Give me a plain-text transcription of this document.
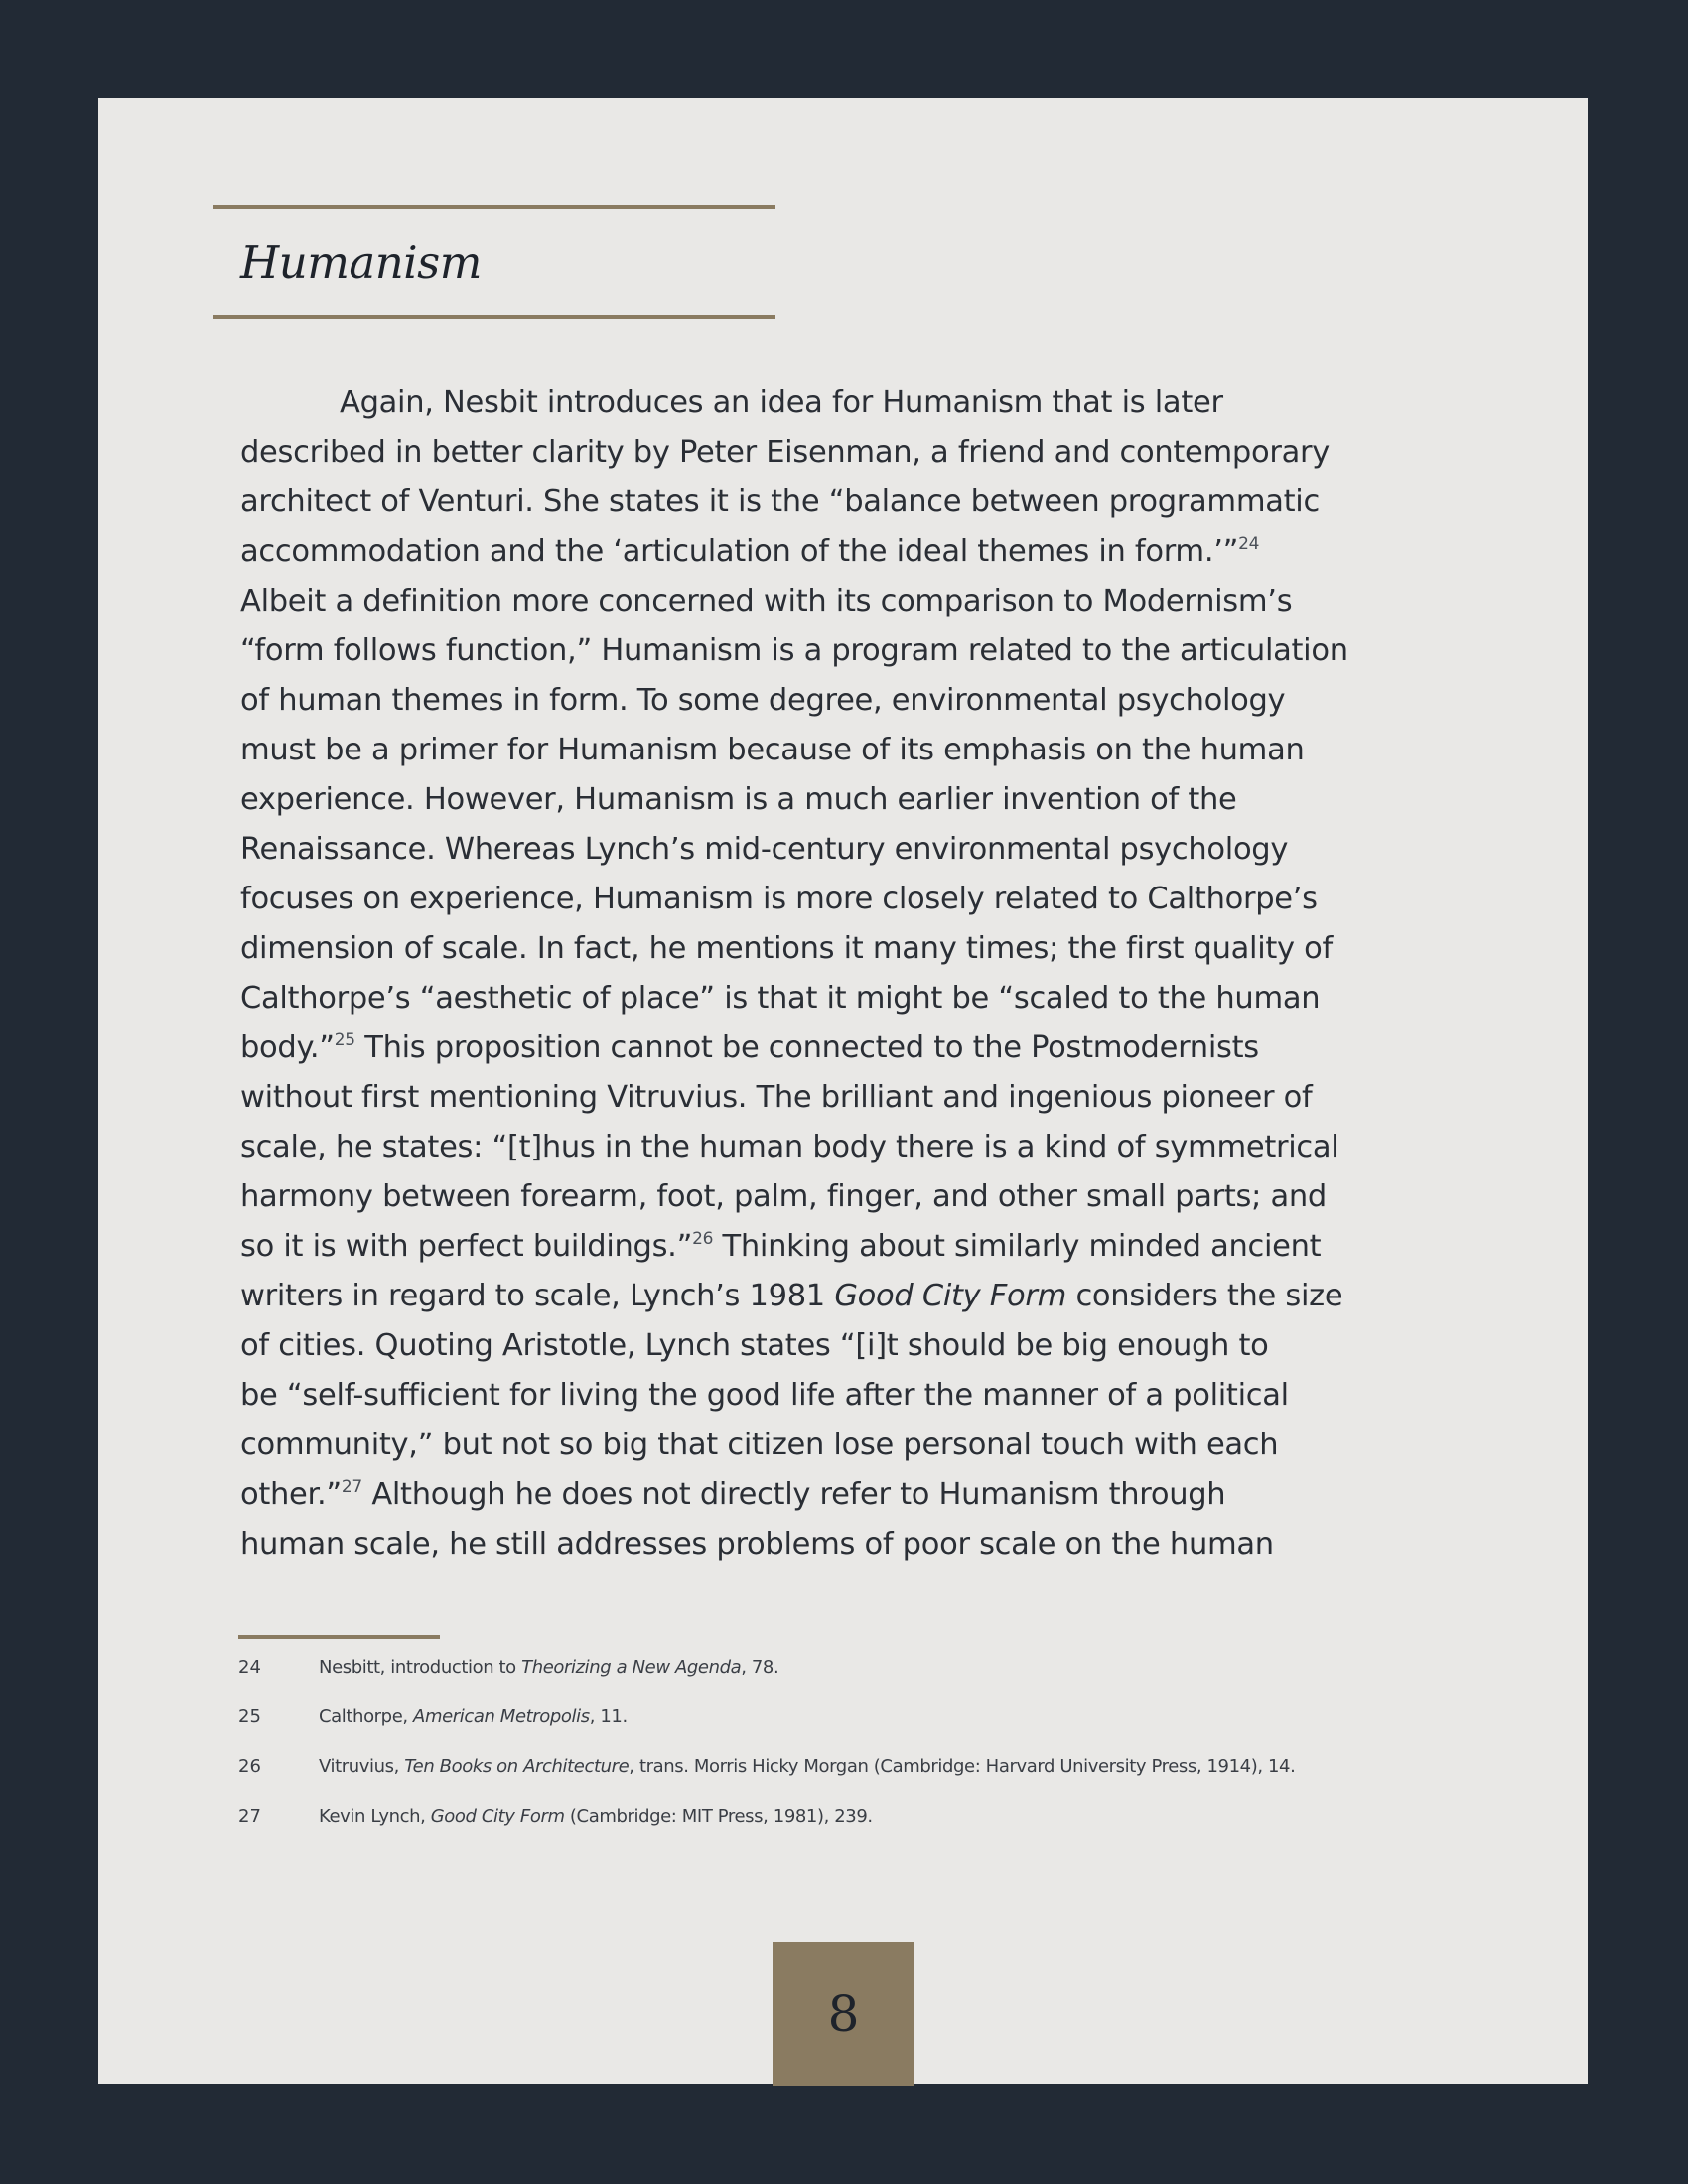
Humanism
Again, Nesbit introduces an idea for Humanism that is later
described in better clarity by Peter Eisenman, a friend and contemporary
architect of Venturi. She states it is the “balance between programmatic
accommodation and the ‘articulation of the ideal themes in form.’”$^{24}$
Albeit a definition more concerned with its comparison to Modernism’s
“form follows function,” Humanism is a program related to the articulation
of human themes in form. To some degree, environmental psychology
must be a primer for Humanism because of its emphasis on the human
experience. However, Humanism is a much earlier invention of the
Renaissance. Whereas Lynch’s mid-century environmental psychology
focuses on experience, Humanism is more closely related to Calthorpe’s
dimension of scale. In fact, he mentions it many times; the first quality of
Calthorpe’s “aesthetic of place” is that it might be “scaled to the human
body.”$^{25}$ This proposition cannot be connected to the Postmodernists
without first mentioning Vitruvius. The brilliant and ingenious pioneer of
scale, he states: “[t]hus in the human body there is a kind of symmetrical
harmony between forearm, foot, palm, finger, and other small parts; and
so it is with perfect buildings.”$^{26}$ Thinking about similarly minded ancient
writers in regard to scale, Lynch’s 1981 Good City Form considers the size
of cities. Quoting Aristotle, Lynch states “[i]t should be big enough to
be “self-sufficient for living the good life after the manner of a political
community,” but not so big that citizen lose personal touch with each
other.”$^{27}$ Although he does not directly refer to Humanism through
human scale, he still addresses problems of poor scale on the human
24	Nesbitt, introduction to Theorizing a New Agenda, 78.
25	Calthorpe, American Metropolis, 11.
26	Vitruvius, Ten Books on Architecture, trans. Morris Hicky Morgan (Cambridge: Harvard University Press, 1914), 14.
27	Kevin Lynch, Good City Form (Cambridge: MIT Press, 1981), 239.
8
